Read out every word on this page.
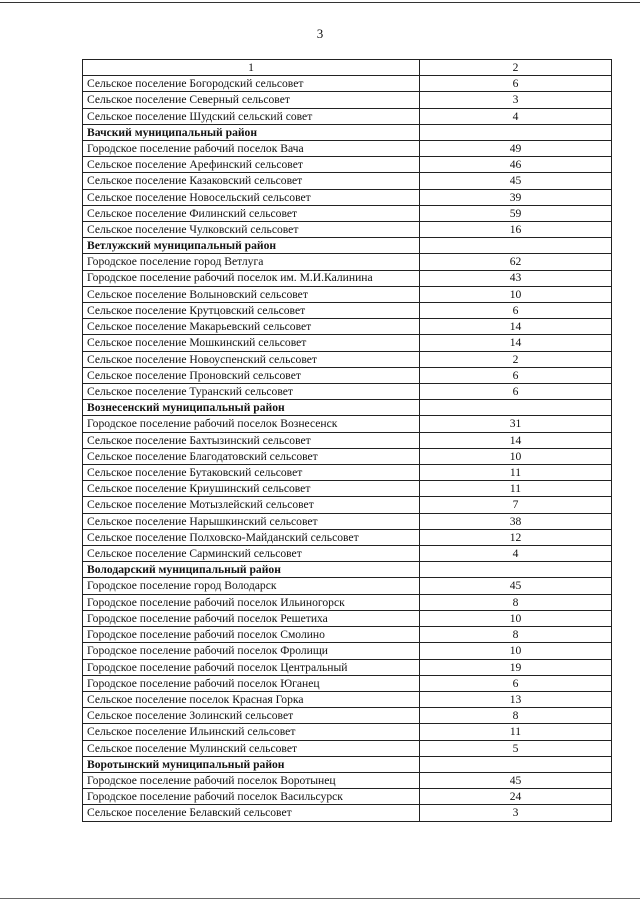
3
1	2
Сельское поселение Богородский сельсовет	6
Сельское поселение Северный сельсовет	3
Сельское поселение Шудский сельский совет	4
Вачский муниципальный район	
Городское поселение рабочий поселок Вача	49
Сельское поселение Арефинский сельсовет	46
Сельское поселение Казаковский сельсовет	45
Сельское поселение Новосельский сельсовет	39
Сельское поселение Филинский сельсовет	59
Сельское поселение Чулковский сельсовет	16
Ветлужский муниципальный район	
Городское поселение город Ветлуга	62
Городское поселение рабочий поселок им. М.И.Калинина	43
Сельское поселение Волыновский сельсовет	10
Сельское поселение Крутцовский сельсовет	6
Сельское поселение Макарьевский сельсовет	14
Сельское поселение Мошкинский сельсовет	14
Сельское поселение Новоуспенский сельсовет	2
Сельское поселение Проновский сельсовет	6
Сельское поселение Туранский сельсовет	6
Вознесенский муниципальный район	
Городское поселение рабочий поселок Вознесенск	31
Сельское поселение Бахтызинский сельсовет	14
Сельское поселение Благодатовский сельсовет	10
Сельское поселение Бутаковский сельсовет	11
Сельское поселение Криушинский сельсовет	11
Сельское поселение Мотызлейский сельсовет	7
Сельское поселение Нарышкинский сельсовет	38
Сельское поселение Полховско-Майданский сельсовет	12
Сельское поселение Сарминский сельсовет	4
Володарский муниципальный район	
Городское поселение город Володарск	45
Городское поселение рабочий поселок Ильиногорск	8
Городское поселение рабочий поселок Решетиха	10
Городское поселение рабочий поселок Смолино	8
Городское поселение рабочий поселок Фролищи	10
Городское поселение рабочий поселок Центральный	19
Городское поселение рабочий поселок Юганец	6
Сельское поселение поселок Красная Горка	13
Сельское поселение Золинский сельсовет	8
Сельское поселение Ильинский сельсовет	11
Сельское поселение Мулинский сельсовет	5
Воротынский муниципальный район	
Городское поселение рабочий поселок Воротынец	45
Городское поселение рабочий поселок Васильсурск	24
Сельское поселение Белавский сельсовет	3
